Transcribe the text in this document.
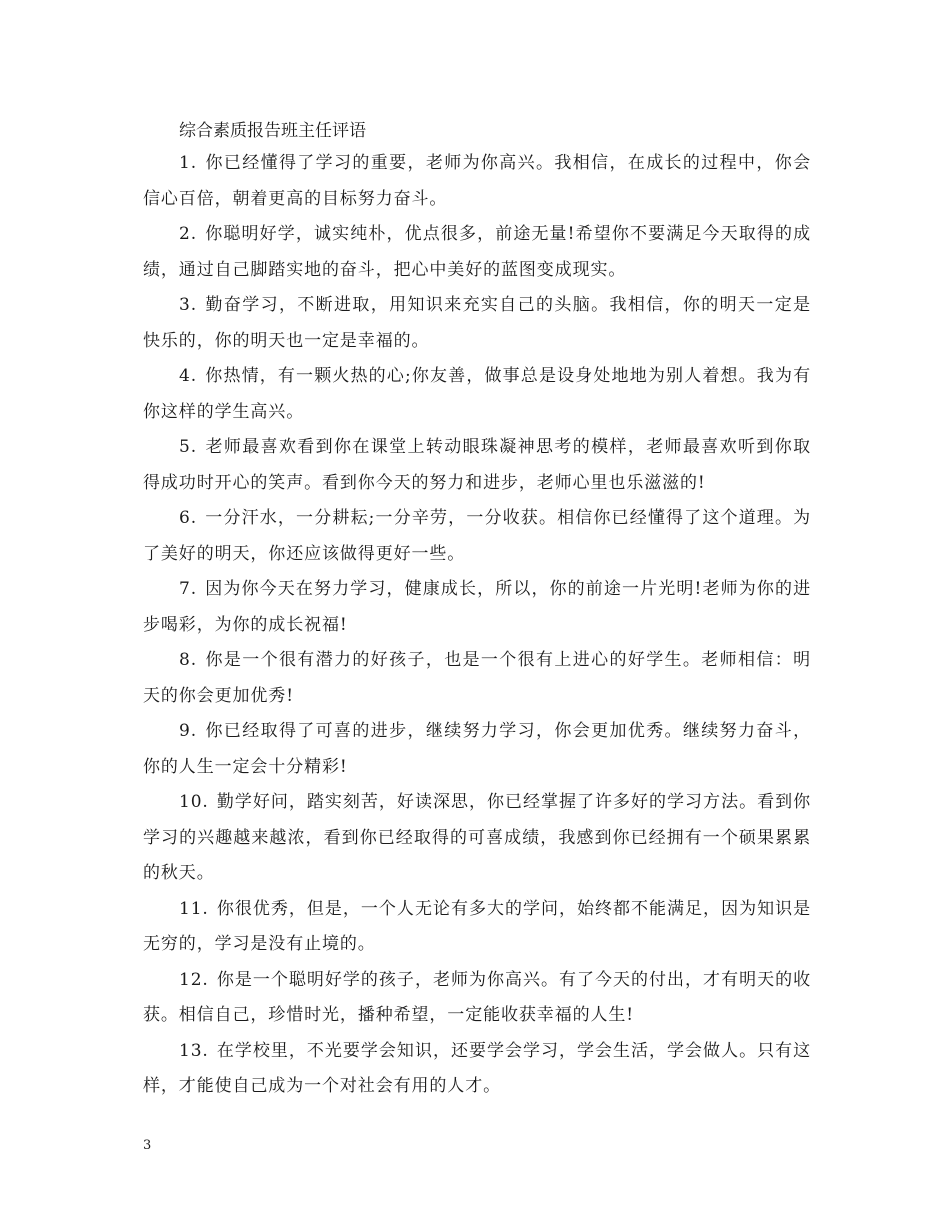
综合素质报告班主任评语

1. 你已经懂得了学习的重要，老师为你高兴。我相信，在成长的过程中，你会信心百倍，朝着更高的目标努力奋斗。

2. 你聪明好学，诚实纯朴，优点很多，前途无量!希望你不要满足今天取得的成绩，通过自己脚踏实地的奋斗，把心中美好的蓝图变成现实。

3. 勤奋学习，不断进取，用知识来充实自己的头脑。我相信，你的明天一定是快乐的，你的明天也一定是幸福的。

4. 你热情，有一颗火热的心;你友善，做事总是设身处地地为别人着想。我为有你这样的学生高兴。

5. 老师最喜欢看到你在课堂上转动眼珠凝神思考的模样，老师最喜欢听到你取得成功时开心的笑声。看到你今天的努力和进步，老师心里也乐滋滋的!

6. 一分汗水，一分耕耘;一分辛劳，一分收获。相信你已经懂得了这个道理。为了美好的明天，你还应该做得更好一些。

7. 因为你今天在努力学习，健康成长，所以，你的前途一片光明!老师为你的进步喝彩，为你的成长祝福!

8. 你是一个很有潜力的好孩子，也是一个很有上进心的好学生。老师相信：明天的你会更加优秀!

9. 你已经取得了可喜的进步，继续努力学习，你会更加优秀。继续努力奋斗，你的人生一定会十分精彩!

10. 勤学好问，踏实刻苦，好读深思，你已经掌握了许多好的学习方法。看到你学习的兴趣越来越浓，看到你已经取得的可喜成绩，我感到你已经拥有一个硕果累累的秋天。

11. 你很优秀，但是，一个人无论有多大的学问，始终都不能满足，因为知识是无穷的，学习是没有止境的。

12. 你是一个聪明好学的孩子，老师为你高兴。有了今天的付出，才有明天的收获。相信自己，珍惜时光，播种希望，一定能收获幸福的人生!

13. 在学校里，不光要学会知识，还要学会学习，学会生活，学会做人。只有这样，才能使自己成为一个对社会有用的人才。

3
